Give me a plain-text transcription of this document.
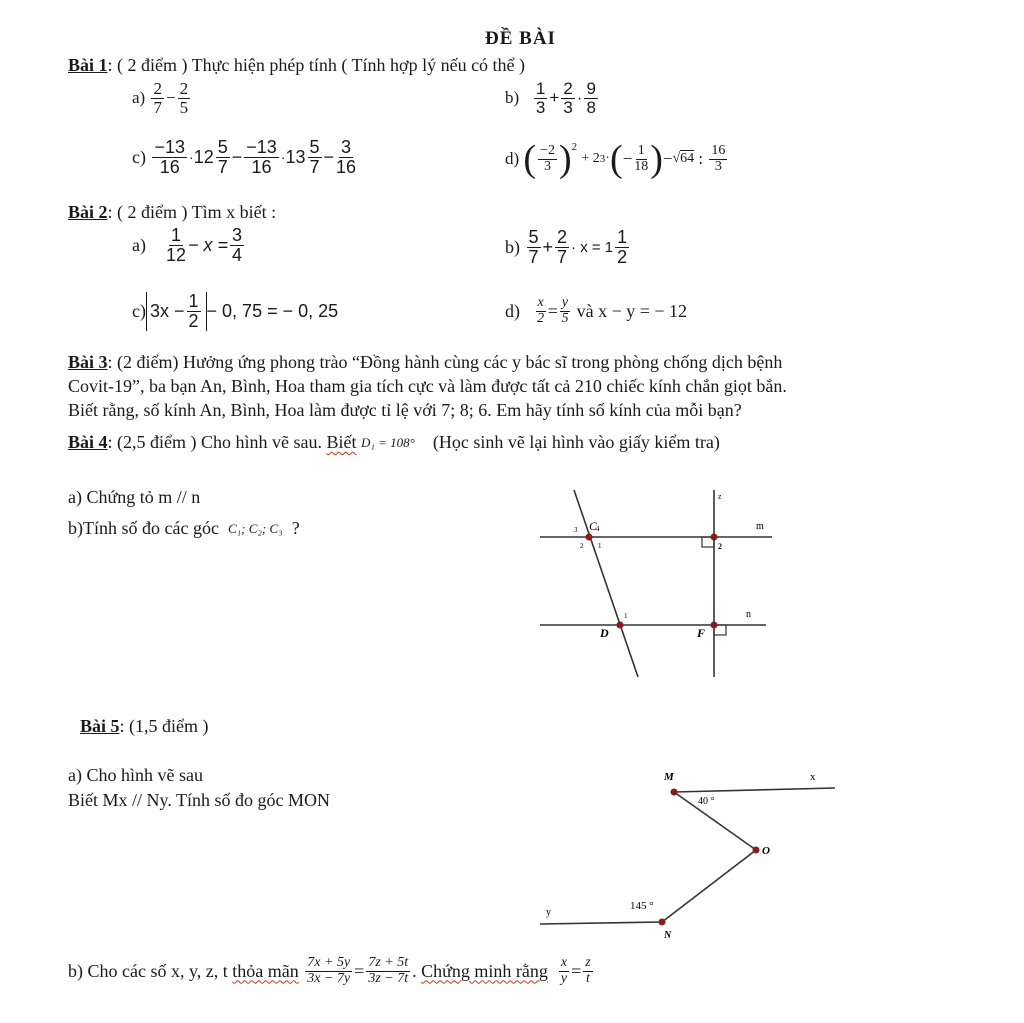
ĐỀ BÀI
Bài 1: ( 2 điểm ) Thực hiện phép tính ( Tính hợp lý nếu có thể )
a)
$\frac{2}{7} - \frac{2}{5}$	b)
$\frac{1}{3} + \frac{2}{3} \cdot \frac{9}{8}$
c)
$\frac{-13}{16} \cdot 12 \frac{5}{7} - \frac{-13}{16} \cdot 13 \frac{5}{7} - \frac{3}{16}$	d)
( $\frac{-2}{3}$ ) 2

+ 2 3 · ( − $\frac{1}{18}$ ) − √64 : $\frac{16}{3}$
Bài 2: ( 2 điểm ) Tìm x biết :
a)
$\frac{1}{12} - x = \frac{3}{4}$	b)
$\frac{5}{7} + \frac{2}{7} \cdot x = 1 \frac{1}{2}$
c) $3x - \frac{1}{2} - 0$, 75 = − 0, 25	d)
$\frac{x}{2} = \frac{y}{5}$
và x − y = − 12
Bài 3: (2 điểm) Hưởng ứng phong trào “Đồng hành cùng các y bác sĩ trong phòng chống dịch bệnh
Covit-19”, ba bạn An, Bình, Hoa tham gia tích cực và làm được tất cả 210 chiếc kính chắn giọt bắn.
Biết rằng, số kính An, Bình, Hoa làm được tỉ lệ với 7; 8; 6. Em hãy tính số kính của mỗi bạn?
Bài 4 : (2,5 điểm ) Cho hình vẽ sau.
Biết
D₁ = 108°
(Học sinh vẽ lại hình vào giấy kiểm tra)
a) Chứng tỏ m // n
b)Tính số đo các góc
C₁; C₂; C₃
?	C
4
3
2 1
D
1
F
2
z
m
n
Bài 5: (1,5 điểm )
a) Cho hình vẽ sau
Biết Mx // Ny. Tính số đo góc MON
M	x
40 °
O
y
145 °
N
b) Cho các số x, y, z, t
thỏa mãn
$\frac{7x + 5y}{3x - 7y} = \frac{7z + 5t}{3z - 7t}$ .
Chứng minh rằng
$\frac{x}{y} = \frac{z}{t}$
